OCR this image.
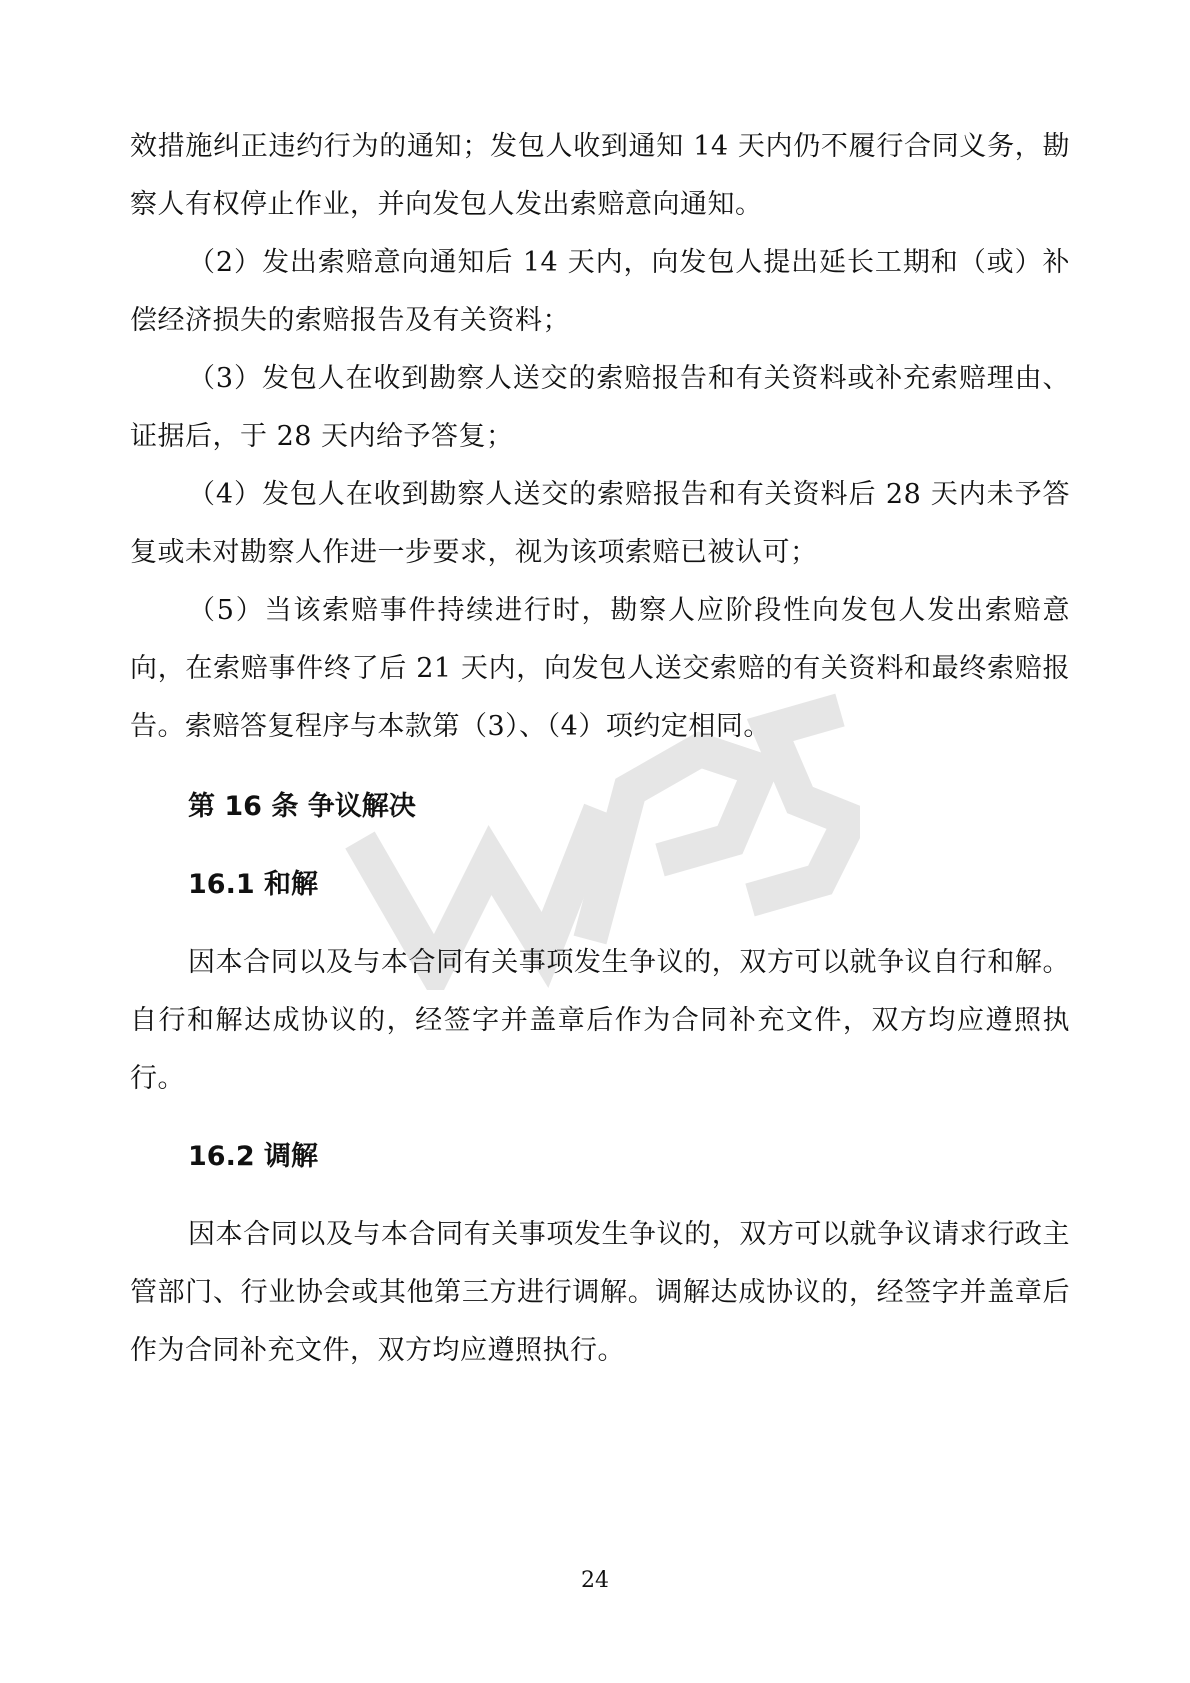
效措施纠正违约行为的通知；发包人收到通知 14 天内仍不履行合同义务，勘察人有权停止作业，并向发包人发出索赔意向通知。

（2）发出索赔意向通知后 14 天内，向发包人提出延长工期和（或）补偿经济损失的索赔报告及有关资料；

（3）发包人在收到勘察人送交的索赔报告和有关资料或补充索赔理由、证据后，于 28 天内给予答复；

（4）发包人在收到勘察人送交的索赔报告和有关资料后 28 天内未予答复或未对勘察人作进一步要求，视为该项索赔已被认可；

（5）当该索赔事件持续进行时，勘察人应阶段性向发包人发出索赔意向，在索赔事件终了后 21 天内，向发包人送交索赔的有关资料和最终索赔报告。索赔答复程序与本款第（3）、（4）项约定相同。

第 16 条 争议解决
16.1 和解

因本合同以及与本合同有关事项发生争议的，双方可以就争议自行和解。自行和解达成协议的，经签字并盖章后作为合同补充文件，双方均应遵照执行。

16.2 调解

因本合同以及与本合同有关事项发生争议的，双方可以就争议请求行政主管部门、行业协会或其他第三方进行调解。调解达成协议的，经签字并盖章后作为合同补充文件，双方均应遵照执行。

24
